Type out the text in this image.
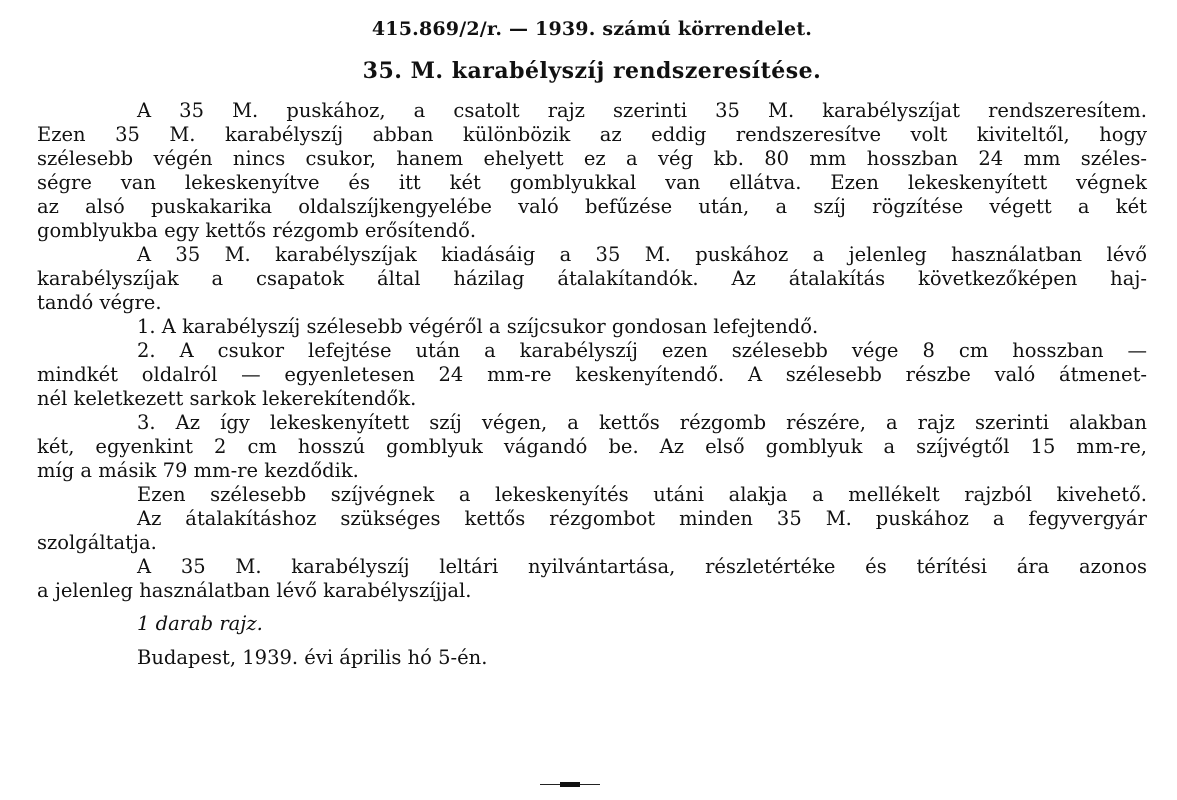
415.869/2/r. — 1939. számú körrendelet.
35. M. karabélyszíj rendszeresítése.
A 35 M. puskához, a csatolt rajz szerinti 35 M. karabélyszíjat rendszeresítem.
Ezen 35 M. karabélyszíj abban különbözik az eddig rendszeresítve volt kiviteltől, hogy
szélesebb végén nincs csukor, hanem ehelyett ez a vég kb. 80 mm hosszban 24 mm széles-
ségre van lekeskenyítve és itt két gomblyukkal van ellátva. Ezen lekeskenyített végnek
az alsó puskakarika oldalszíjkengyelébe való befűzése után, a szíj rögzítése végett a két
gomblyukba egy kettős rézgomb erősítendő.
A 35 M. karabélyszíjak kiadásáig a 35 M. puskához a jelenleg használatban lévő
karabélyszíjak a csapatok által házilag átalakítandók. Az átalakítás következőképen haj-
tandó végre.
1. A karabélyszíj szélesebb végéről a szíjcsukor gondosan lefejtendő.
2. A csukor lefejtése után a karabélyszíj ezen szélesebb vége 8 cm hosszban —
mindkét oldalról — egyenletesen 24 mm-re keskenyítendő. A szélesebb részbe való átmenet-
nél keletkezett sarkok lekerekítendők.
3. Az így lekeskenyített szíj végen, a kettős rézgomb részére, a rajz szerinti alakban
két, egyenkint 2 cm hosszú gomblyuk vágandó be. Az első gomblyuk a szíjvégtől 15 mm-re,
míg a másik 79 mm-re kezdődik.
Ezen szélesebb szíjvégnek a lekeskenyítés utáni alakja a mellékelt rajzból kivehető.
Az átalakításhoz szükséges kettős rézgombot minden 35 M. puskához a fegyvergyár
szolgáltatja.
A 35 M. karabélyszíj leltári nyilvántartása, részletértéke és térítési ára azonos
a jelenleg használatban lévő karabélyszíjjal.
1 darab rajz.
Budapest, 1939. évi április hó 5-én.
